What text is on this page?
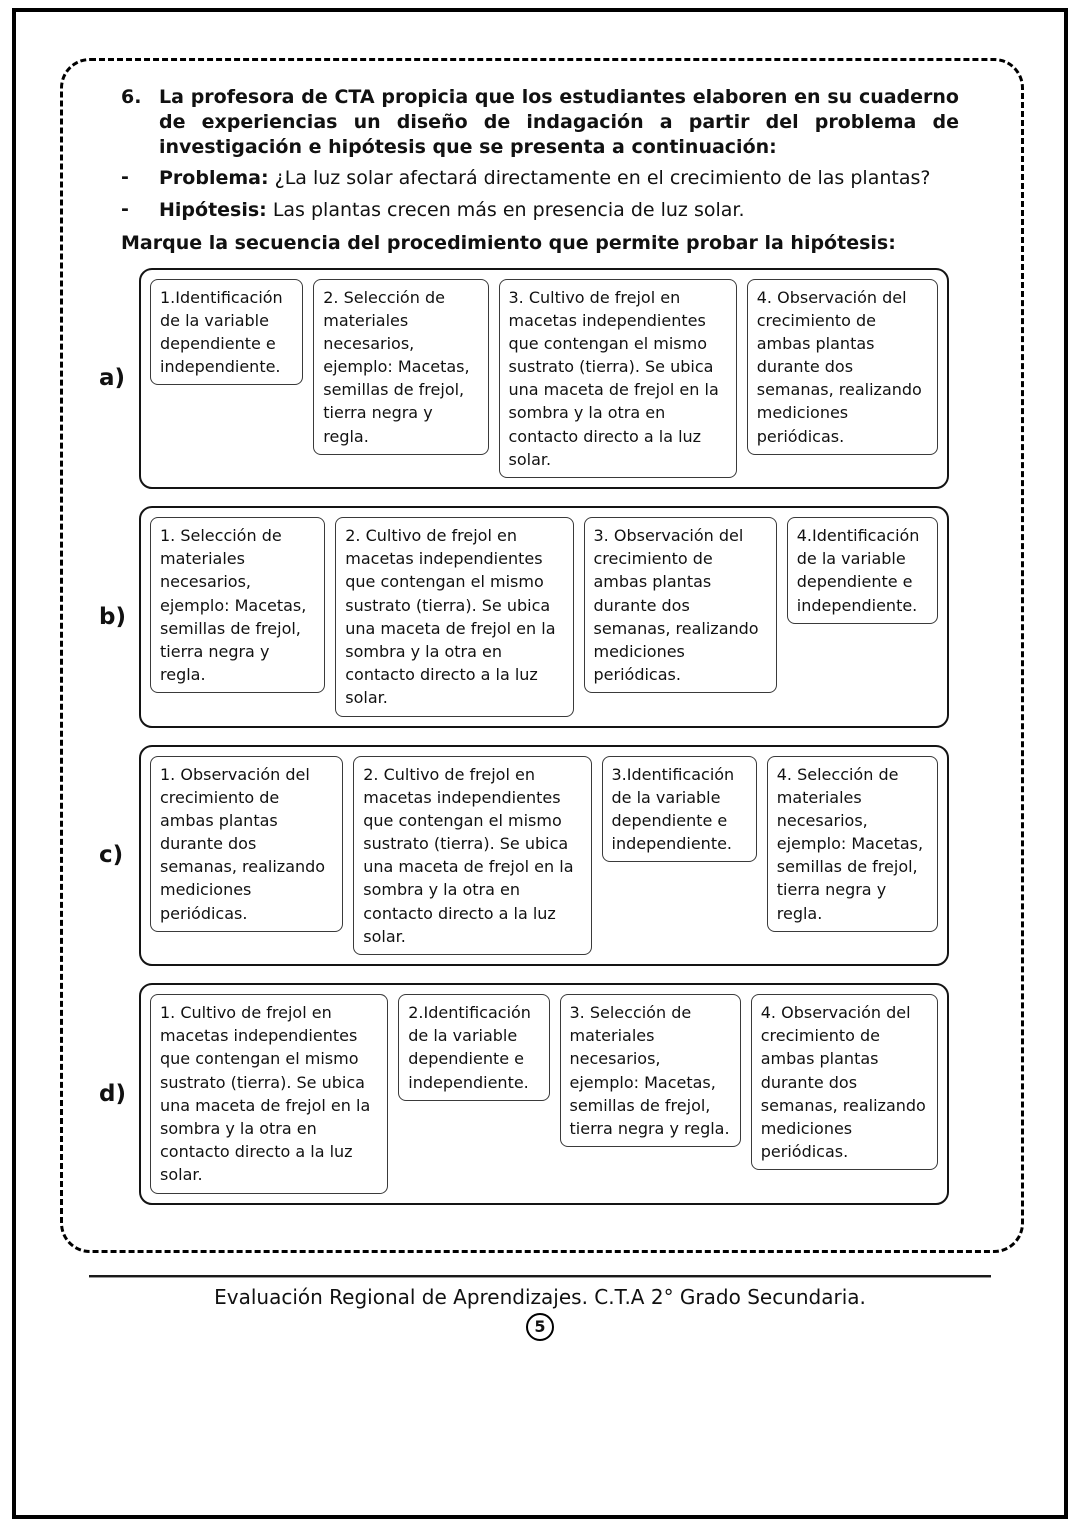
6. La profesora de CTA propicia que los estudiantes elaboren en su cuaderno de experiencias un diseño de indagación a partir del problema de investigación e hipótesis que se presenta a continuación:
-	Problema: ¿La luz solar afectará directamente en el crecimiento de las plantas?
-	Hipótesis: Las plantas crecen más en presencia de luz solar.
Marque la secuencia del procedimiento que permite probar la hipótesis:
a)
1.Identificación de la variable dependiente e independiente.
2. Selección de materiales necesarios, ejemplo: Macetas, semillas de frejol, tierra negra y regla.
3. Cultivo de frejol en macetas independientes que contengan el mismo sustrato (tierra). Se ubica una maceta de frejol en la sombra y la otra en contacto directo a la luz solar.
4. Observación del crecimiento de ambas plantas durante dos semanas, realizando mediciones periódicas.
b)
1. Selección de materiales necesarios, ejemplo: Macetas, semillas de frejol, tierra negra y regla.
2. Cultivo de frejol en macetas independientes que contengan el mismo sustrato (tierra). Se ubica una maceta de frejol en la sombra y la otra en contacto directo a la luz solar.
3. Observación del crecimiento de ambas plantas durante dos semanas, realizando mediciones periódicas.
4.Identificación de la variable dependiente e independiente.
c)
1. Observación del crecimiento de ambas plantas durante dos semanas, realizando mediciones periódicas.
2. Cultivo de frejol en macetas independientes que contengan el mismo sustrato (tierra). Se ubica una maceta de frejol en la sombra y la otra en contacto directo a la luz solar.
3.Identificación de la variable dependiente e independiente.
4. Selección de materiales necesarios, ejemplo: Macetas, semillas de frejol, tierra negra y regla.
d)
1. Cultivo de frejol en macetas independientes que contengan el mismo sustrato (tierra). Se ubica una maceta de frejol en la sombra y la otra en contacto directo a la luz solar.
2.Identificación de la variable dependiente e independiente.
3. Selección de materiales necesarios, ejemplo: Macetas, semillas de frejol, tierra negra y regla.
4. Observación del crecimiento de ambas plantas durante dos semanas, realizando mediciones periódicas.
Evaluación Regional de Aprendizajes. C.T.A 2° Grado Secundaria.
5
